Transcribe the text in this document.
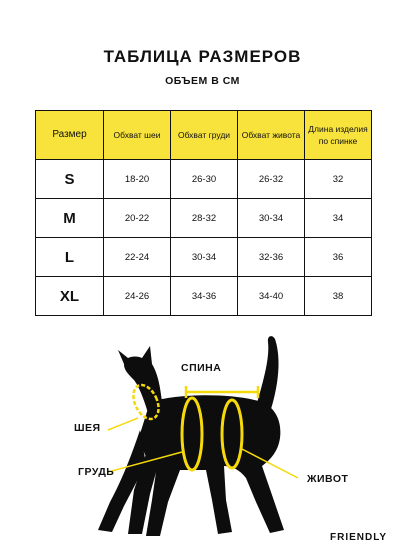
ТАБЛИЦА РАЗМЕРОВ
ОБЪЕМ В СМ
Размер	Обхват шеи	Обхват груди	Обхват живота	Длина изделия по спинке
S	18-20	26-30	26-32	32
M	20-22	28-32	30-34	34
L	22-24	30-34	32-36	36
XL	24-26	34-36	34-40	38
СПИНА
ШЕЯ
ГРУДЬ
ЖИВОТ
Avito
FRIENDLY
